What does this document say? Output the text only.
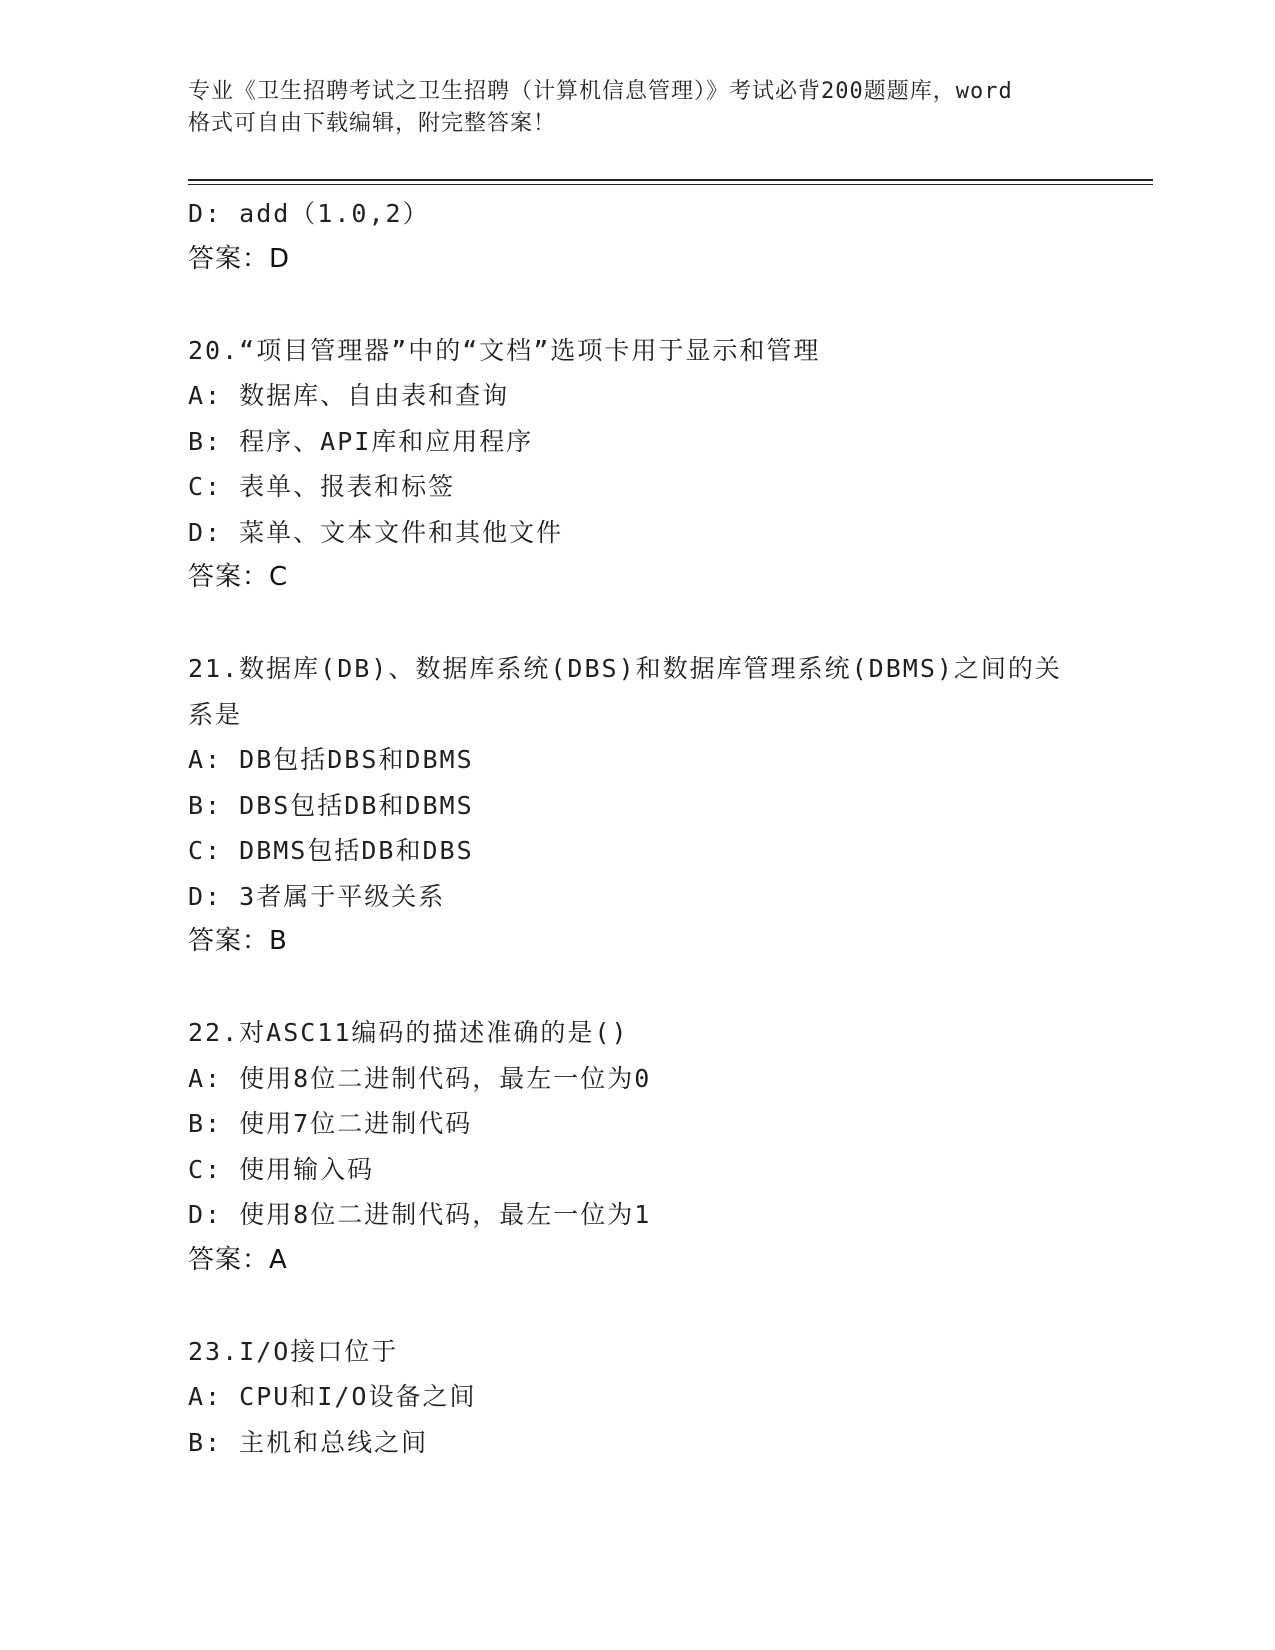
专业《卫生招聘考试之卫生招聘（计算机信息管理）》考试必背200题题库，word
格式可自由下载编辑，附完整答案！
D: add（1.0,2）
答案：D
20.“项目管理器”中的“文档”选项卡用于显示和管理
A: 数据库、自由表和查询
B: 程序、API库和应用程序
C: 表单、报表和标签
D: 菜单、文本文件和其他文件
答案：C
21.数据库(DB)、数据库系统(DBS)和数据库管理系统(DBMS)之间的关
系是
A: DB包括DBS和DBMS
B: DBS包括DB和DBMS
C: DBMS包括DB和DBS
D: 3者属于平级关系
答案：B
22.对ASC11编码的描述准确的是()
A: 使用8位二进制代码，最左一位为0
B: 使用7位二进制代码
C: 使用输入码
D: 使用8位二进制代码，最左一位为1
答案：A
23.I/O接口位于
A: CPU和I/O设备之间
B: 主机和总线之间
